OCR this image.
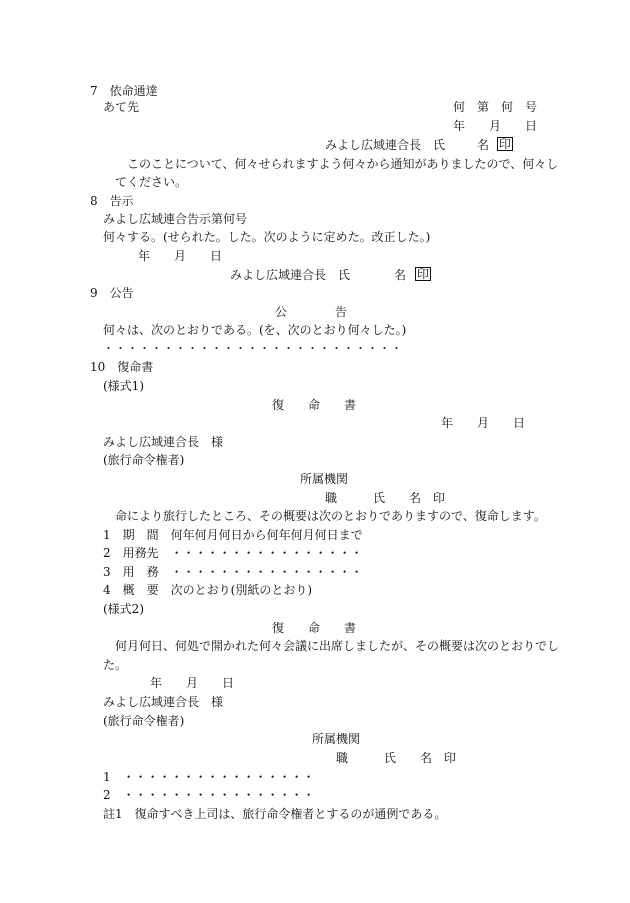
7　依命通達
あて先	何　第　何　号
年　　月　　日
みよし広域連合長　氏	名 印
このことについて、何々せられますよう何々から通知がありましたので、何々し
てください。
8　告示
みよし広域連合告示第何号
何々する。(せられた。した。次のように定めた。改正した。)
年　　月　　日
みよし広域連合長　氏	名 印
9　公告
公　　　　告
何々は、次のとおりである。(を、次のとおり何々した。)
・・・・・・・・・・・・・・・・・・・・・・・・・
10　復命書
(様式1)
復　　命　　書
年　　月　　日
みよし広域連合長　様
(旅行命令権者)
所属機関
職　　　氏　　名　印
命により旅行したところ、その概要は次のとおりでありますので、復命します。
1　期　間　何年何月何日から何年何月何日まで
2　用務先　・・・・・・・・・・・・・・・・
3　用　務　・・・・・・・・・・・・・・・・
4　概　要　次のとおり(別紙のとおり)
(様式2)
復　　命　　書
何月何日、何処で開かれた何々会議に出席しましたが、その概要は次のとおりでし
た。
年　　月　　日
みよし広域連合長　様
(旅行命令権者)
所属機関
職　　　氏　　名　印
1　・・・・・・・・・・・・・・・・
2　・・・・・・・・・・・・・・・・
註1　復命すべき上司は、旅行命令権者とするのが通例である。
